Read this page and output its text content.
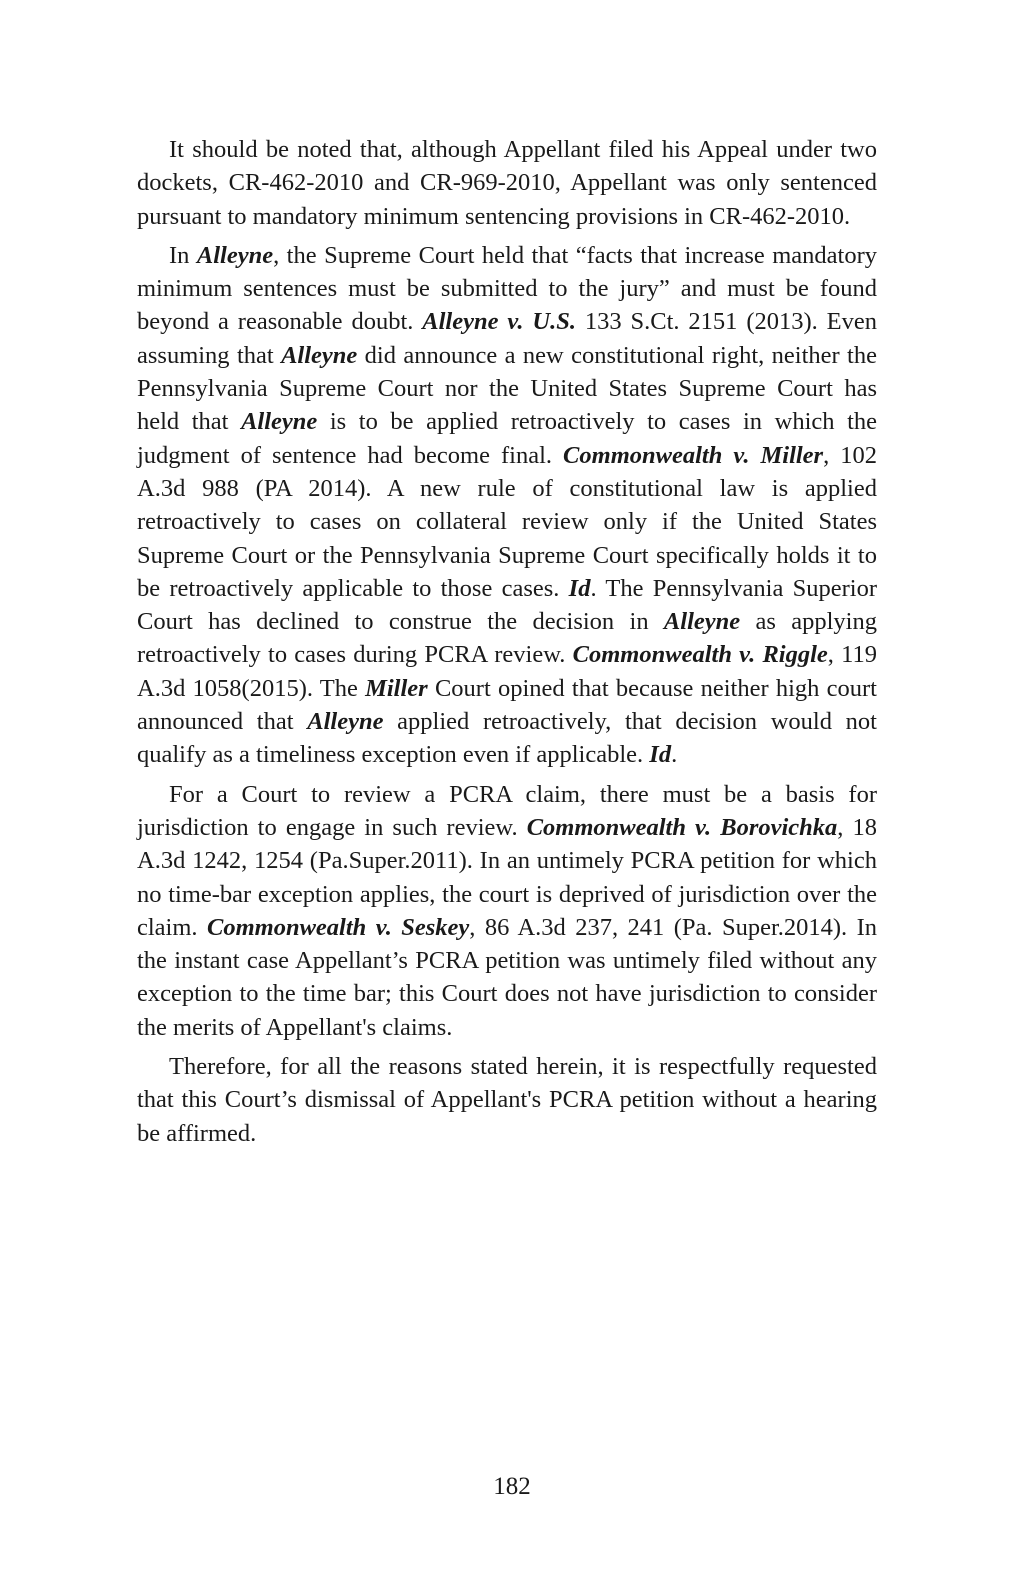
It should be noted that, although Appellant filed his Appeal under two dockets, CR-462-2010 and CR-969-2010, Appellant was only sentenced pursuant to mandatory minimum sentencing provisions in CR-462-2010.

In Alleyne, the Supreme Court held that “facts that increase mandatory minimum sentences must be submitted to the jury” and must be found beyond a reasonable doubt. Alleyne v. U.S. 133 S.Ct. 2151 (2013). Even assuming that Alleyne did announce a new constitutional right, neither the Pennsylvania Supreme Court nor the United States Supreme Court has held that Alleyne is to be applied retroactively to cases in which the judgment of sentence had become final. Commonwealth v. Miller, 102 A.3d 988 (PA 2014). A new rule of constitutional law is applied retroactively to cases on collateral review only if the United States Supreme Court or the Pennsylvania Supreme Court specifically holds it to be retroactively applicable to those cases. Id. The Pennsylvania Superior Court has declined to construe the decision in Alleyne as applying retroactively to cases during PCRA review. Commonwealth v. Riggle, 119 A.3d 1058(2015). The Miller Court opined that because neither high court announced that Alleyne applied retroactively, that decision would not qualify as a timeliness exception even if applicable. Id.

For a Court to review a PCRA claim, there must be a basis for jurisdiction to engage in such review. Commonwealth v. Borovichka, 18 A.3d 1242, 1254 (Pa.Super.2011). In an untimely PCRA petition for which no time-bar exception applies, the court is deprived of jurisdiction over the claim. Commonwealth v. Seskey, 86 A.3d 237, 241 (Pa. Super.2014). In the instant case Appellant’s PCRA petition was untimely filed without any exception to the time bar; this Court does not have jurisdiction to consider the merits of Appellant's claims.

Therefore, for all the reasons stated herein, it is respectfully requested that this Court’s dismissal of Appellant's PCRA petition without a hearing be affirmed.

182
